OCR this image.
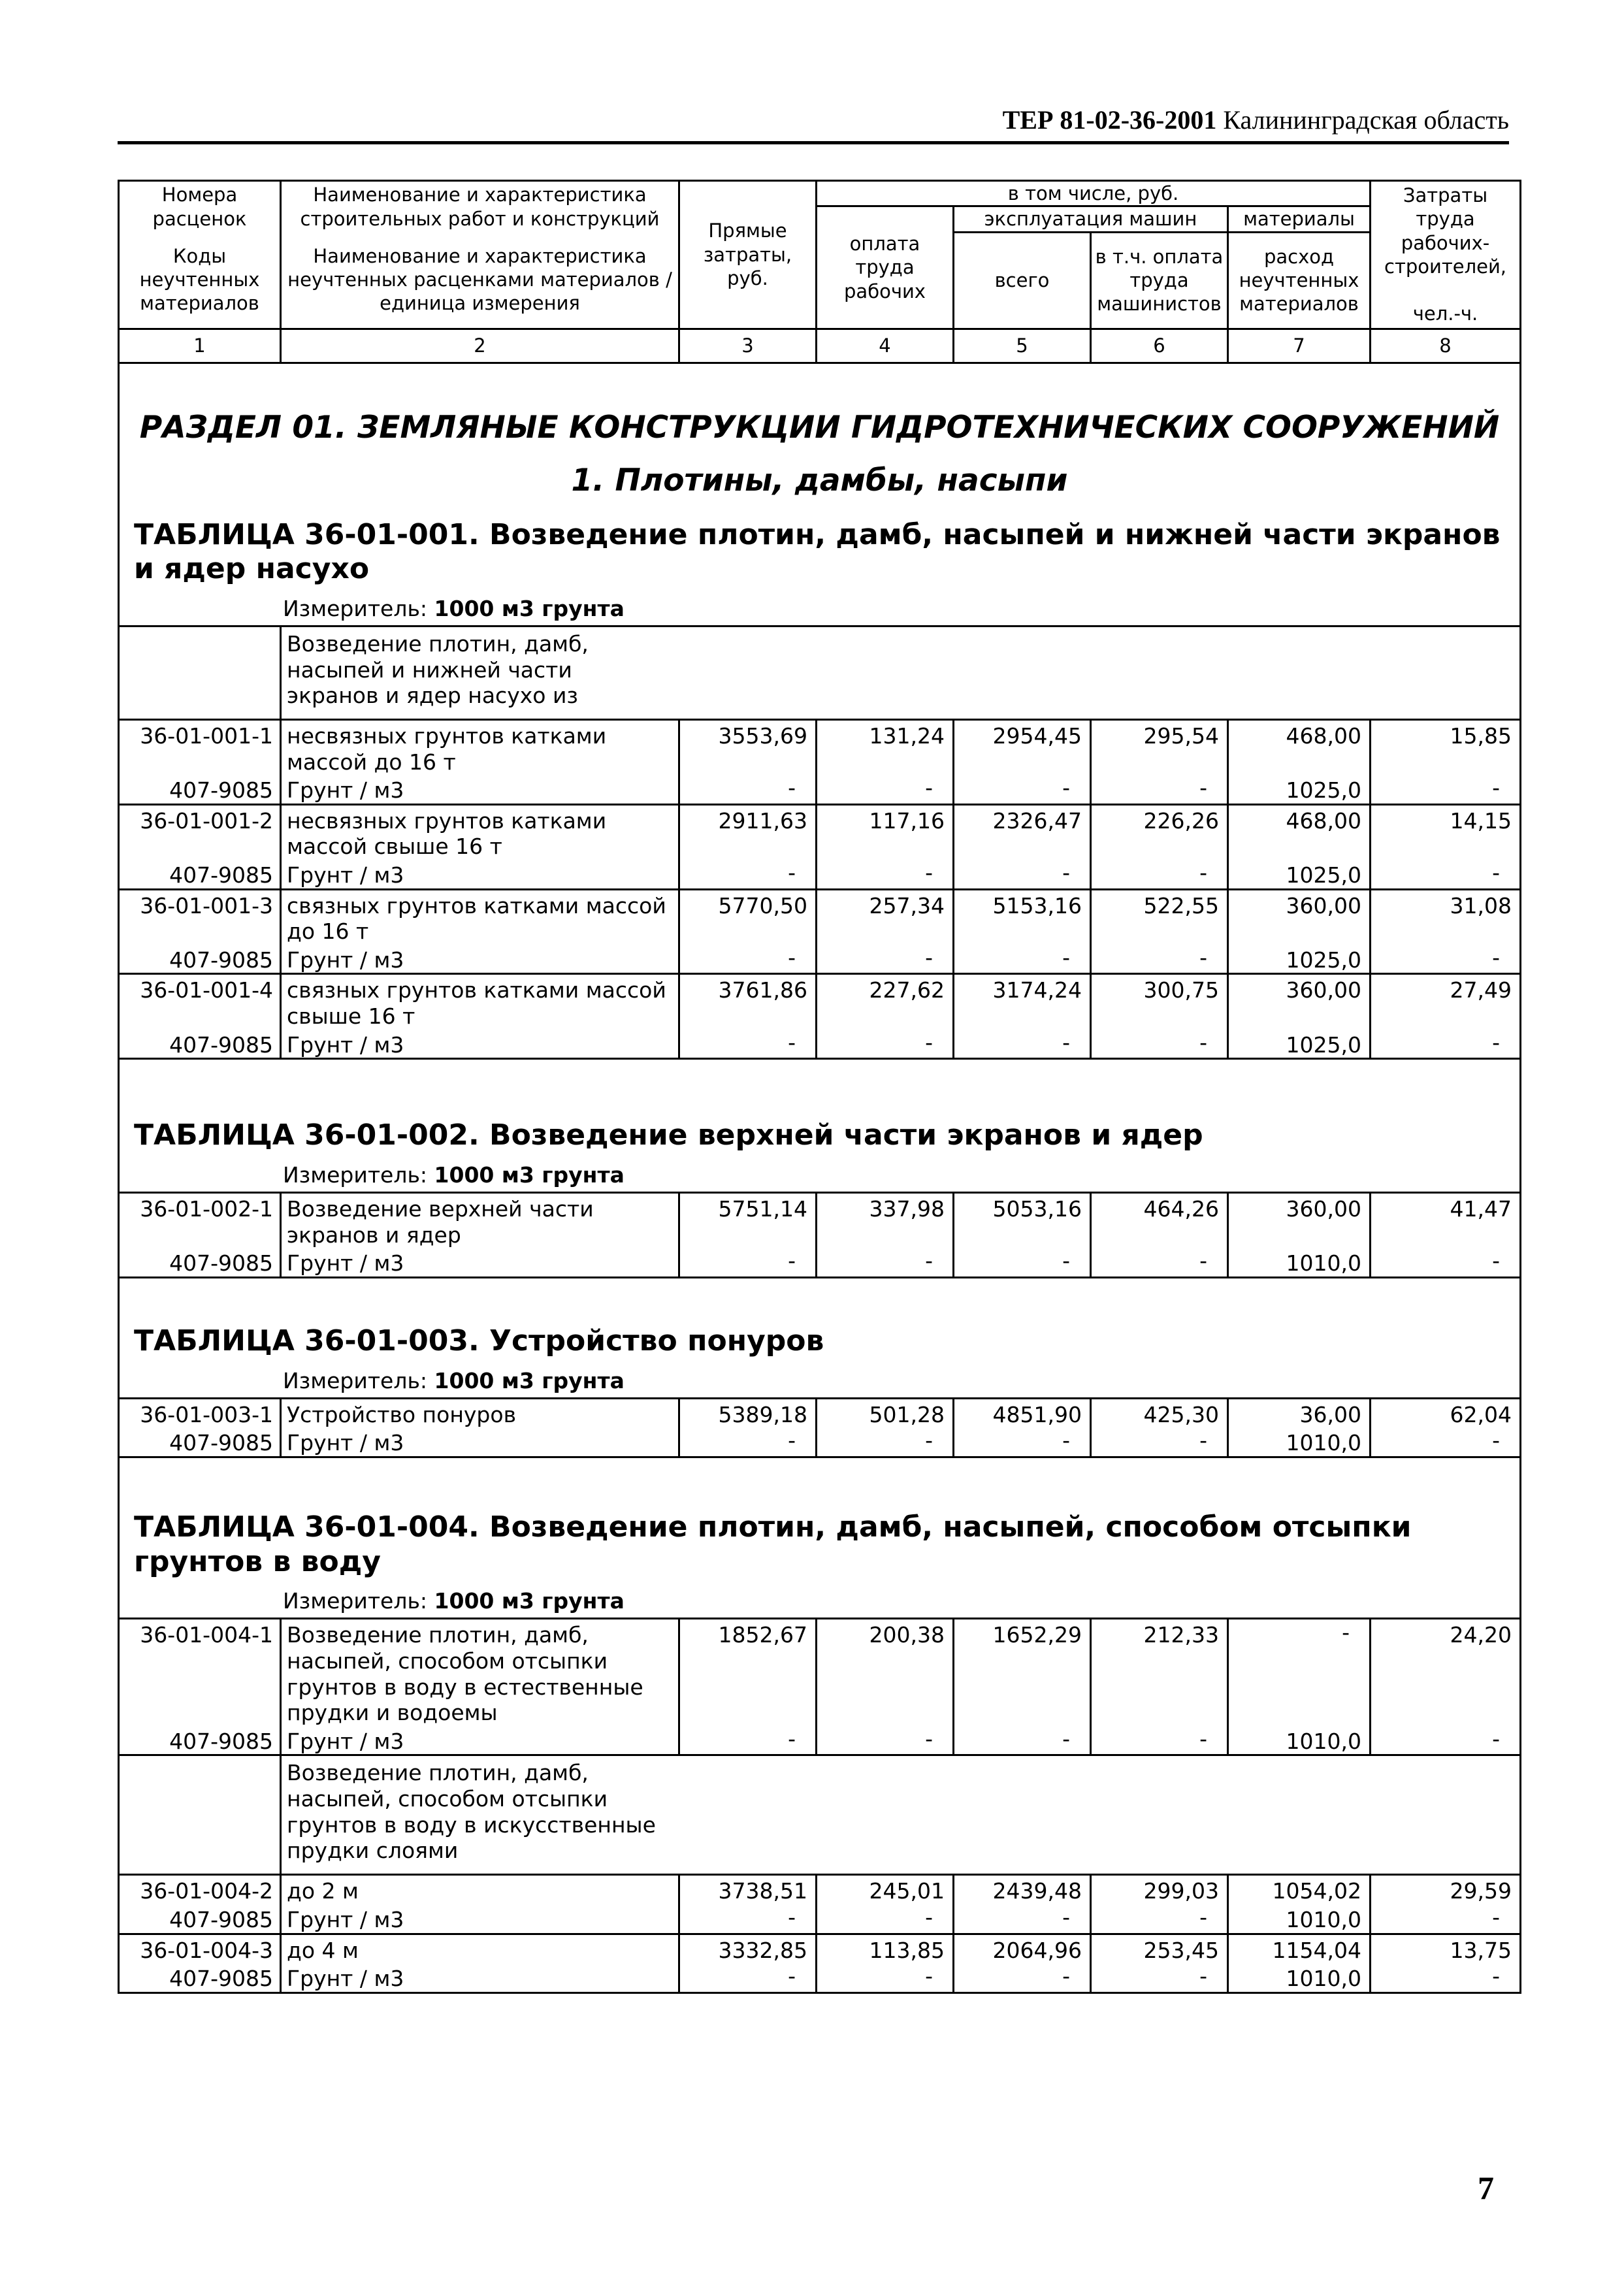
ТЕР 81-02-36-2001 Калининградская область
Номера расценок	Наименование и характеристика строительных работ и конструкций	Прямые затраты, руб.	в том числе, руб.				Затраты труда рабочих-строителей,

чел.-ч.
			оплата труда рабочих	эксплуатация машин		материалы	
Коды неучтенных материалов	Наименование и характеристика неучтенных расценками материалов / единица измерения			всего	в т.ч. оплата труда машинистов	расход неучтенных материалов	
1	2	3	4	5	6	7	8

РАЗДЕЛ 01. ЗЕМЛЯНЫЕ КОНСТРУКЦИИ ГИДРОТЕХНИЧЕСКИХ СООРУЖЕНИЙ
1. Плотины, дамбы, насыпи
ТАБЛИЦА 36-01-001. Возведение плотин, дамб, насыпей и нижней части экранов и ядер насухо
Измеритель: 1000 м3 грунта							

	Возведение плотин, дамб, насыпей и нижней части экранов и ядер насухо из						

36-01-001-1	несвязных грунтов катками массой до 16 т	3553,69	131,24	2954,45	295,54	468,00	15,85
407-9085	Грунт / м3	-	-	-	-	1025,0	-
36-01-001-2	несвязных грунтов катками массой свыше 16 т	2911,63	117,16	2326,47	226,26	468,00	14,15
407-9085	Грунт / м3	-	-	-	-	1025,0	-
36-01-001-3	связных грунтов катками массой до 16 т	5770,50	257,34	5153,16	522,55	360,00	31,08
407-9085	Грунт / м3	-	-	-	-	1025,0	-
36-01-001-4	связных грунтов катками массой свыше 16 т	3761,86	227,62	3174,24	300,75	360,00	27,49
407-9085	Грунт / м3	-	-	-	-	1025,0	-

ТАБЛИЦА 36-01-002. Возведение верхней части экранов и ядер
Измеритель: 1000 м3 грунта							

36-01-002-1	Возведение верхней части экранов и ядер	5751,14	337,98	5053,16	464,26	360,00	41,47
407-9085	Грунт / м3	-	-	-	-	1010,0	-

ТАБЛИЦА 36-01-003. Устройство понуров
Измеритель: 1000 м3 грунта							

36-01-003-1	Устройство понуров	5389,18	501,28	4851,90	425,30	36,00	62,04
407-9085	Грунт / м3	-	-	-	-	1010,0	-

ТАБЛИЦА 36-01-004. Возведение плотин, дамб, насыпей, способом отсыпки грунтов в воду
Измеритель: 1000 м3 грунта							

36-01-004-1	Возведение плотин, дамб, насыпей, способом отсыпки грунтов в воду в естественные прудки и водоемы	1852,67	200,38	1652,29	212,33	-	24,20
407-9085	Грунт / м3	-	-	-	-	1010,0	-

	Возведение плотин, дамб, насыпей, способом отсыпки грунтов в воду в искусственные прудки слоями						

36-01-004-2	до 2 м	3738,51	245,01	2439,48	299,03	1054,02	29,59
407-9085	Грунт / м3	-	-	-	-	1010,0	-
36-01-004-3	до 4 м	3332,85	113,85	2064,96	253,45	1154,04	13,75
407-9085	Грунт / м3	-	-	-	-	1010,0	-
7
